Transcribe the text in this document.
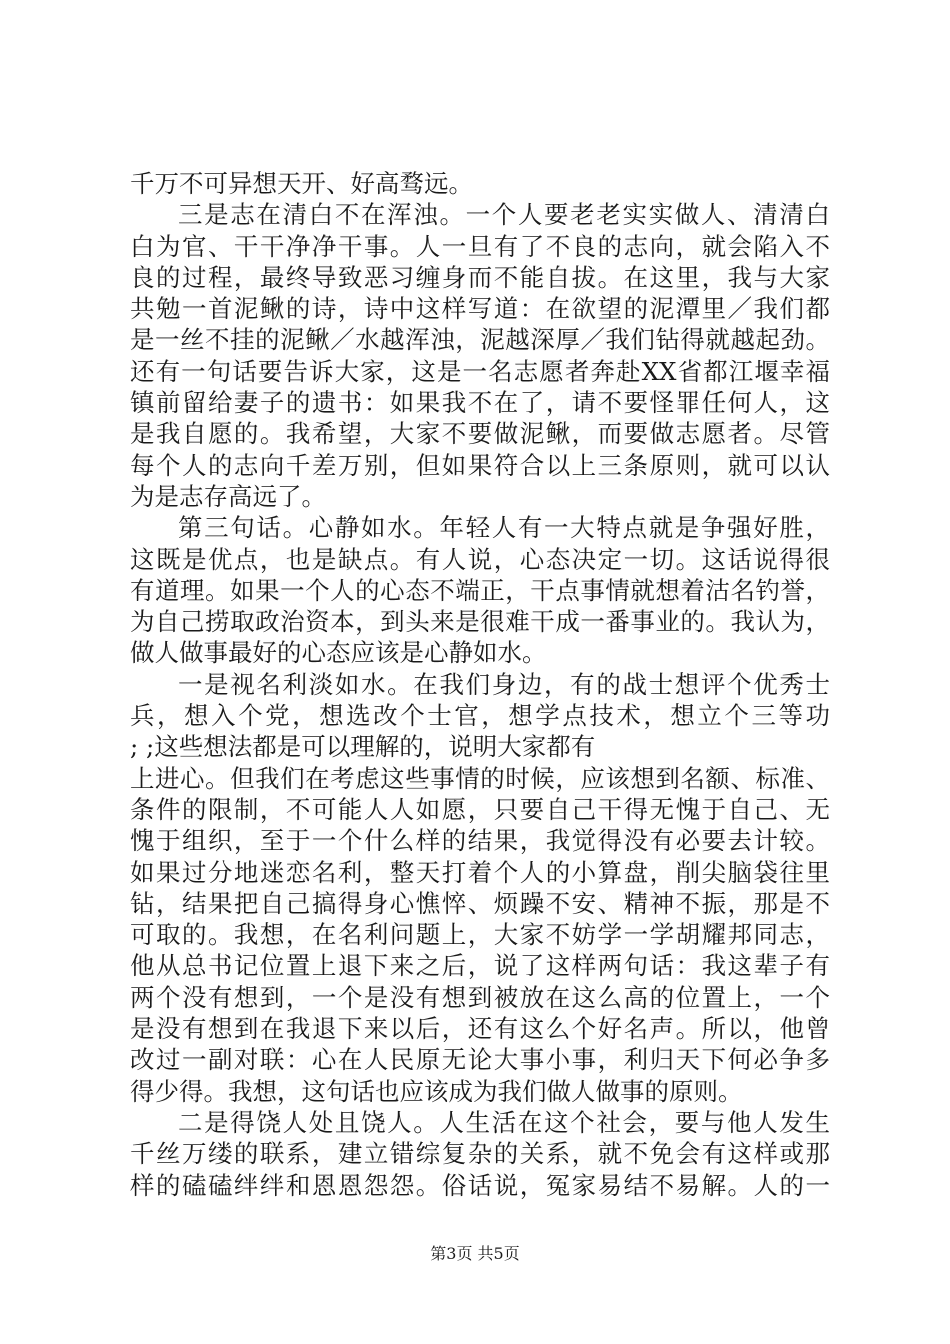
千万不可异想天开、好高骛远。
三是志在清白不在浑浊。一个人要老老实实做人、清清白
白为官、干干净净干事。人一旦有了不良的志向，就会陷入不
良的过程，最终导致恶习缠身而不能自拔。在这里，我与大家
共勉一首泥鳅的诗，诗中这样写道：在欲望的泥潭里／我们都
是一丝不挂的泥鳅／水越浑浊，泥越深厚／我们钻得就越起劲。
还有一句话要告诉大家，这是一名志愿者奔赴XX省都江堰幸福
镇前留给妻子的遗书：如果我不在了，请不要怪罪任何人，这
是我自愿的。我希望，大家不要做泥鳅，而要做志愿者。尽管
每个人的志向千差万别，但如果符合以上三条原则，就可以认
为是志存高远了。
第三句话。心静如水。年轻人有一大特点就是争强好胜，
这既是优点，也是缺点。有人说，心态决定一切。这话说得很
有道理。如果一个人的心态不端正，干点事情就想着沽名钓誉，
为自己捞取政治资本，到头来是很难干成一番事业的。我认为，
做人做事最好的心态应该是心静如水。
一是视名利淡如水。在我们身边，有的战士想评个优秀士
兵，想入个党，想选改个士官，想学点技术，想立个三等功
; ;这些想法都是可以理解的，说明大家都有
上进心。但我们在考虑这些事情的时候，应该想到名额、标准、
条件的限制，不可能人人如愿，只要自己干得无愧于自己、无
愧于组织，至于一个什么样的结果，我觉得没有必要去计较。
如果过分地迷恋名利，整天打着个人的小算盘，削尖脑袋往里
钻，结果把自己搞得身心憔悴、烦躁不安、精神不振，那是不
可取的。我想，在名利问题上，大家不妨学一学胡耀邦同志，
他从总书记位置上退下来之后，说了这样两句话：我这辈子有
两个没有想到，一个是没有想到被放在这么高的位置上，一个
是没有想到在我退下来以后，还有这么个好名声。所以，他曾
改过一副对联：心在人民原无论大事小事，利归天下何必争多
得少得。我想，这句话也应该成为我们做人做事的原则。
二是得饶人处且饶人。人生活在这个社会，要与他人发生
千丝万缕的联系，建立错综复杂的关系，就不免会有这样或那
样的磕磕绊绊和恩恩怨怨。俗话说，冤家易结不易解。人的一
第3页 共5页
